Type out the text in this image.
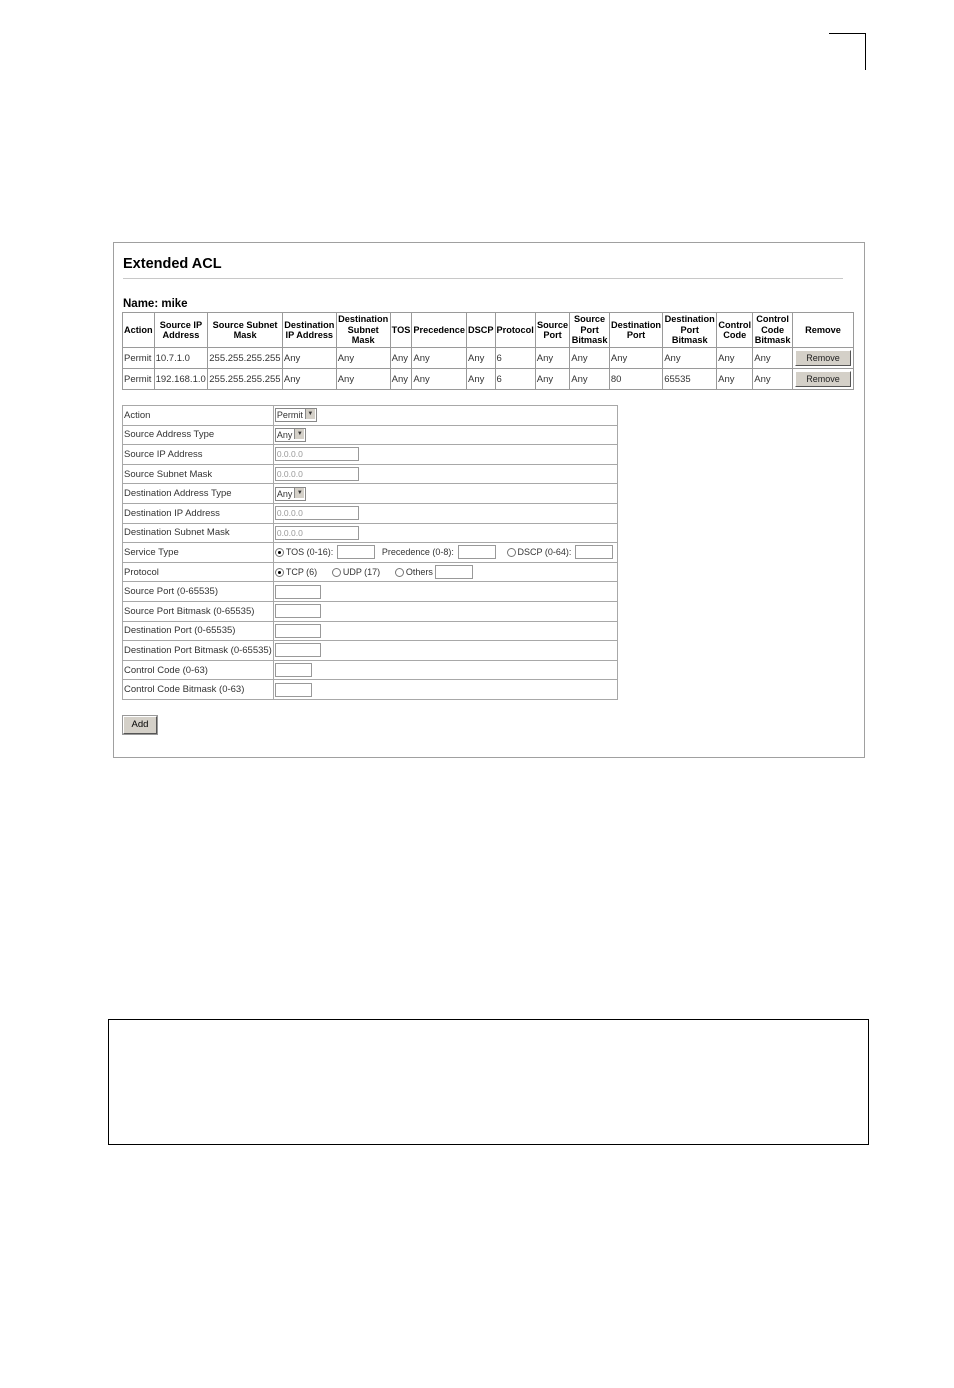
Extended ACL
Name: mike
Action	Source IP Address	Source Subnet Mask	Destination IP Address	Destination Subnet Mask	TOS	Precedence	DSCP	Protocol	Source Port	Source Port Bitmask	Destination Port	Destination Port Bitmask	Control Code	Control Code Bitmask	Remove
Permit	10.7.1.0	255.255.255.255	Any	Any	Any	Any	Any	6	Any	Any	Any	Any	Any	Any	Remove
Permit	192.168.1.0	255.255.255.255	Any	Any	Any	Any	Any	6	Any	Any	80	65535	Any	Any	Remove
Action	Permit ▼
Source Address Type	Any ▼
Source IP Address	0.0.0.0
Source Subnet Mask	0.0.0.0
Destination Address Type	Any ▼
Destination IP Address	0.0.0.0
Destination Subnet Mask	0.0.0.0
Service Type	TOS (0-16): Precedence (0-8): DSCP (0-64):
Protocol	TCP (6) UDP (17) Others
Source Port (0-65535)	
Source Port Bitmask (0-65535)	
Destination Port (0-65535)	
Destination Port Bitmask (0-65535)	
Control Code (0-63)	
Control Code Bitmask (0-63)	
Add
